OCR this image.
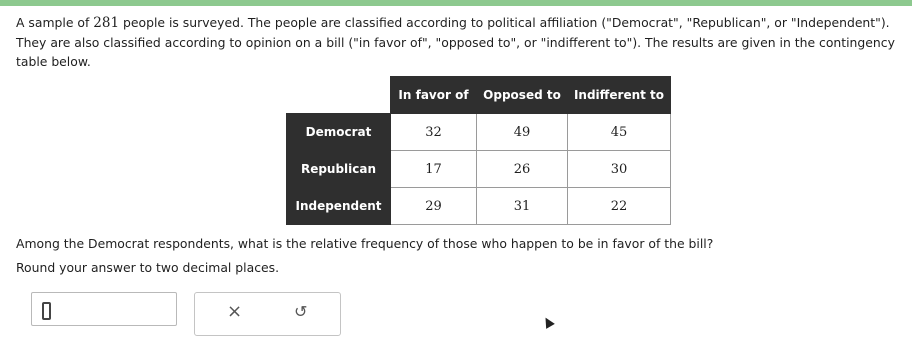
A sample of 281 people is surveyed. The people are classified according to political affiliation ("Democrat", "Republican", or "Independent"). They are also classified according to opinion on a bill ("in favor of", "opposed to", or "indifferent to"). The results are given in the contingency table below.
	In favor of	Opposed to	Indifferent to
Democrat	32	49	45
Republican	17	26	30
Independent	29	31	22
Among the Democrat respondents, what is the relative frequency of those who happen to be in favor of the bill?
Round your answer to two decimal places.
×	↺
